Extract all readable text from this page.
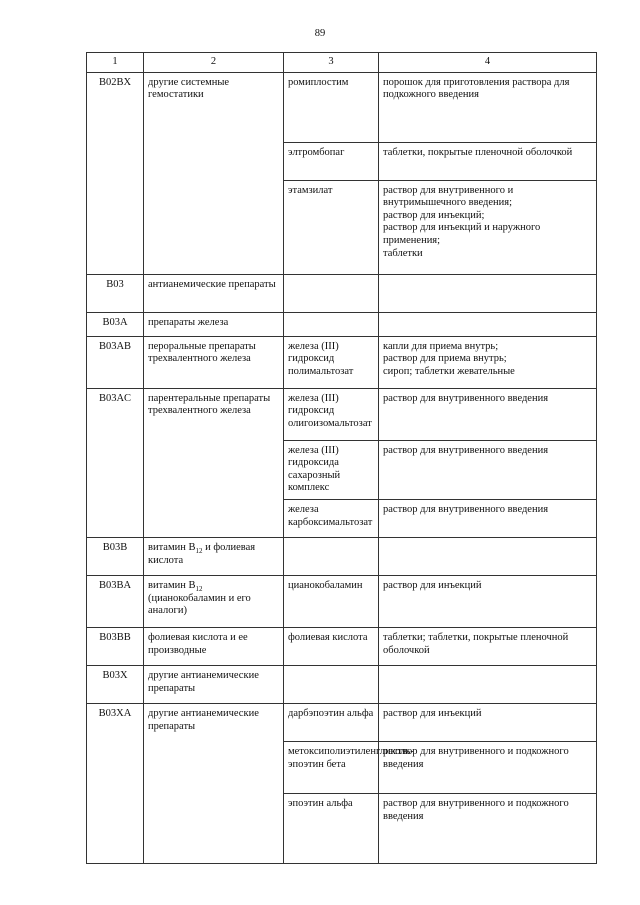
89
1	2	3	4
B02BX	другие системные гемостатики	ромиплостим	порошок для приготовления раствора для подкожного введения

		элтромбопаг	таблетки, покрытые пленочной оболочкой

		этамзилат	раствор для внутривенного и внутримышечного введения;
раствор для инъекций;
раствор для инъекций и наружного применения;
таблетки

B03	антианемические препараты		
B03A	препараты железа		
B03AB	пероральные препараты трехвалентного железа	железа (III) гидроксид полимальтозат	капли для приема внутрь;
раствор для приема внутрь;
сироп; таблетки жевательные

B03AC	парентеральные препараты трехвалентного железа	железа (III) гидроксид олигоизомальтозат	раствор для внутривенного введения

		железа (III) гидроксида сахарозный комплекс	раствор для внутривенного введения

		железа карбоксимальтозат	раствор для внутривенного введения

B03B	витамин $B_{12}$ и фолиевая кислота		
B03BA	витамин $B_{12}$ (цианокобаламин и его аналоги)	цианокобаламин	раствор для инъекций

B03BB	фолиевая кислота и ее производные	фолиевая кислота	таблетки; таблетки, покрытые пленочной оболочкой

B03X	другие антианемические препараты		
B03XA	другие антианемические препараты	дарбэпоэтин альфа	раствор для инъекций

		метоксиполиэтиленгликоль-эпоэтин бета	раствор для внутривенного и подкожного введения

		эпоэтин альфа	раствор для внутривенного и подкожного введения
